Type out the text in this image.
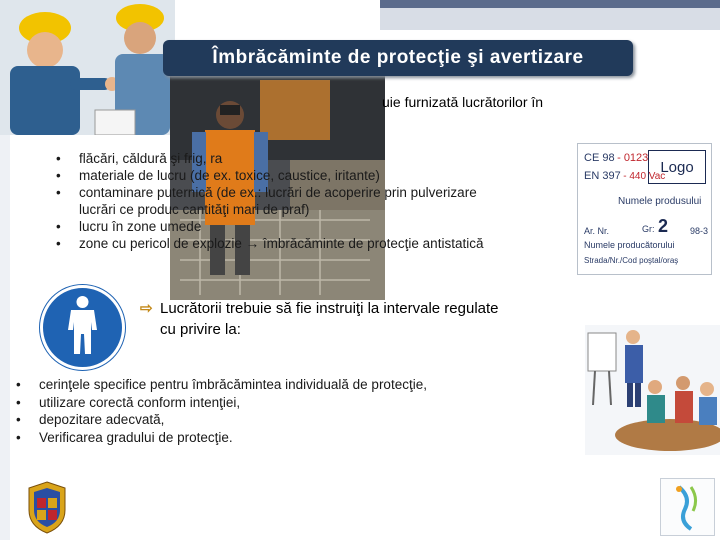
Îmbrăcăminte de protecţie şi avertizare
uie furnizată lucrătorilor în
• flăcări, căldură şi frig, ra
• materiale de lucru (de ex. toxice, caustice, iritante)
• contaminare puternică (de ex.: lucrări de acoperire prin pulverizare
lucrări ce produc cantităţi mari de praf)
• lucru în zone umede
• zone cu pericol de explozie → îmbrăcăminte de protecţie antistatică
CE 98 - 0123
EN 397 - 440 Vac
Logo
Numele produsului
Ar. Nr.	Gr: 2 98-3
Numele producătorului
Strada/Nr./Cod poştal/oraş
⇨ Lucrătorii trebuie să fie instruiţi la intervale regulate
cu privire la:
• cerinţele specifice pentru îmbrăcămintea individuală de protecţie,
• utilizare corectă conform intenţiei,
• depozitare adecvată,
• Verificarea gradului de protecţie.
